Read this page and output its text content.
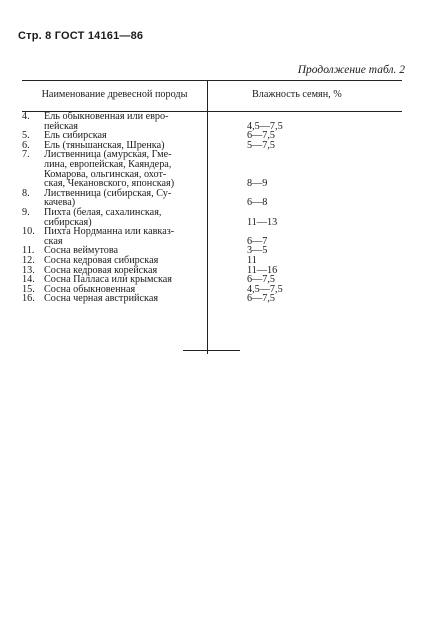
Стр. 8 ГОСТ 14161—86
Продолжение табл. 2
Наименование древесной породы	Влажность семян, %
4.	Ель обыкновенная или евро-
пейская	4,5—7,5
5.	Ель сибирская	6—7,5
6.	Ель (тяньшанская, Шренка)	5—7,5
7.	Лиственница (амурская, Гме-
лина, европейская, Каяндера,
Комарова, ольгинская, охот-
ская, Чекановского, японская)	8—9
8.	Лиственница (сибирская, Су-
качева)	6—8
9.	Пихта (белая, сахалинская,
сибирская)	11—13
10. Пихта Нордманна или кавказ-
ская	6—7
11. Сосна веймутова	3—5
12. Сосна кедровая сибирская	11
13. Сосна кедровая корейская	11—16
14. Сосна Палласа или крымская	6—7,5
15. Сосна обыкновенная	4,5—7,5
16. Сосна черная австрийская	6—7,5
